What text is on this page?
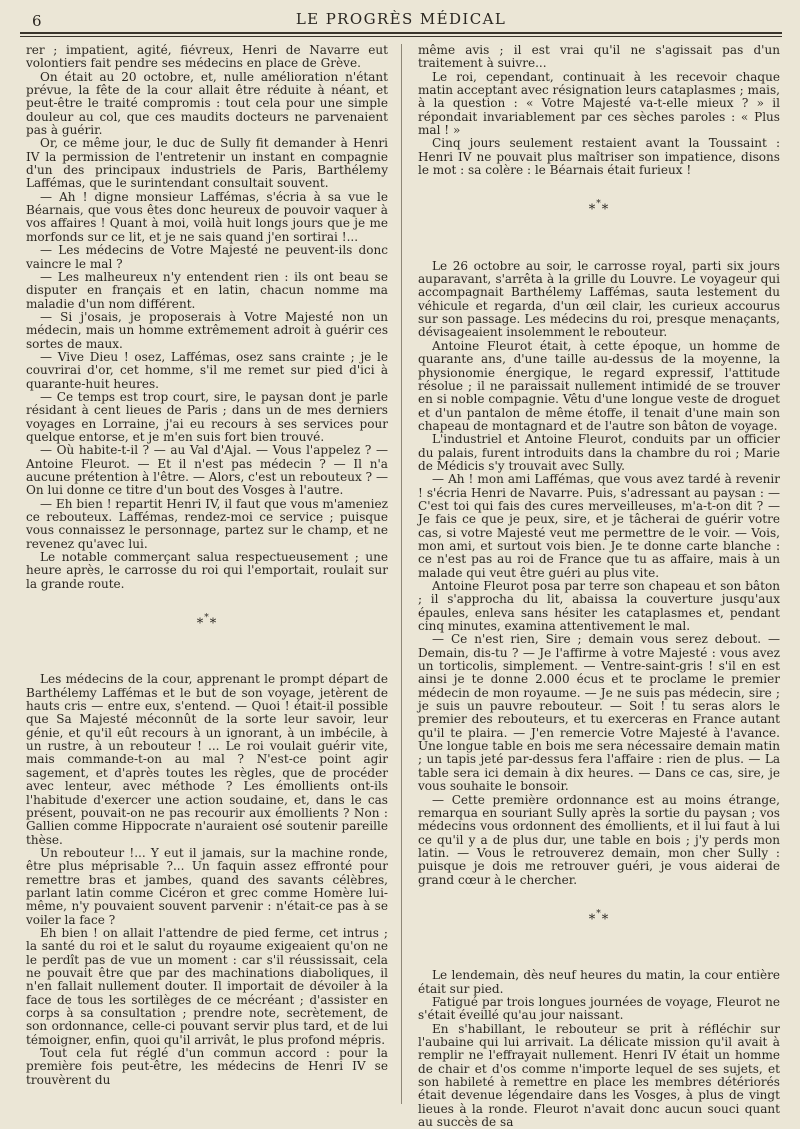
6	LE PROGRÈS MÉDICAL

rer ; impatient, agité, fiévreux, Henri de Navarre eut volontiers fait pendre ses médecins en place de Grève.

On était au 20 octobre, et, nulle amélioration n'étant prévue, la fête de la cour allait être réduite à néant, et peut-être le traité compromis : tout cela pour une simple douleur au col, que ces maudits docteurs ne parvenaient pas à guérir.

Or, ce même jour, le duc de Sully fit demander à Henri IV la permission de l'entretenir un instant en compagnie d'un des principaux industriels de Paris, Barthélemy Laffémas, que le surintendant consultait souvent.

— Ah ! digne monsieur Laffémas, s'écria à sa vue le Béarnais, que vous êtes donc heureux de pouvoir vaquer à vos affaires ! Quant à moi, voilà huit longs jours que je me morfonds sur ce lit, et je ne sais quand j'en sortirai !...

— Les médecins de Votre Majesté ne peuvent-ils donc vaincre le mal ?

— Les malheureux n'y entendent rien : ils ont beau se disputer en français et en latin, chacun nomme ma maladie d'un nom différent.

— Si j'osais, je proposerais à Votre Majesté non un médecin, mais un homme extrêmement adroit à guérir ces sortes de maux.

— Vive Dieu ! osez, Laffémas, osez sans crainte ; je le couvrirai d'or, cet homme, s'il me remet sur pied d'ici à quarante-huit heures.

— Ce temps est trop court, sire, le paysan dont je parle résidant à cent lieues de Paris ; dans un de mes derniers voyages en Lorraine, j'ai eu recours à ses services pour quelque entorse, et je m'en suis fort bien trouvé.

— Où habite-t-il ? — au Val d'Ajal. — Vous l'appelez ? — Antoine Fleurot. — Et il n'est pas médecin ? — Il n'a aucune prétention à l'être. — Alors, c'est un rebouteux ? — On lui donne ce titre d'un bout des Vosges à l'autre.

— Eh bien ! repartit Henri IV, il faut que vous m'ameniez ce rebouteux. Laffémas, rendez-moi ce service ; puisque vous connaissez le personnage, partez sur le champ, et ne revenez qu'avec lui.

Le notable commerçant salua respectueusement ; une heure après, le carrosse du roi qui l'emportait, roulait sur la grande route.

***

Les médecins de la cour, apprenant le prompt départ de Barthélemy Laffémas et le but de son voyage, jetèrent de hauts cris — entre eux, s'entend. — Quoi ! était-il possible que Sa Majesté méconnût de la sorte leur savoir, leur génie, et qu'il eût recours à un ignorant, à un imbécile, à un rustre, à un rebouteur ! ... Le roi voulait guérir vite, mais commande-t-on au mal ? N'est-ce point agir sagement, et d'après toutes les règles, que de procéder avec lenteur, avec méthode ? Les émollients ont-ils l'habitude d'exercer une action soudaine, et, dans le cas présent, pouvait-on ne pas recourir aux émollients ? Non : Gallien comme Hippocrate n'auraient osé soutenir pareille thèse.

Un rebouteur !... Y eut il jamais, sur la machine ronde, être plus méprisable ?... Un faquin assez effronté pour remettre bras et jambes, quand des savants célèbres, parlant latin comme Cicéron et grec comme Homère lui-même, n'y pouvaient souvent parvenir : n'était-ce pas à se voiler la face ?

Eh bien ! on allait l'attendre de pied ferme, cet intrus ; la santé du roi et le salut du royaume exigeaient qu'on ne le perdît pas de vue un moment : car s'il réussissait, cela ne pouvait être que par des machinations diaboliques, il n'en fallait nullement douter. Il importait de dévoiler à la face de tous les sortilèges de ce mécréant ; d'assister en corps à sa consultation ; prendre note, secrètement, de son ordonnance, celle-ci pouvant servir plus tard, et de lui témoigner, enfin, quoi qu'il arrivât, le plus profond mépris.

Tout cela fut réglé d'un commun accord : pour la première fois peut-être, les médecins de Henri IV se trouvèrent du

même avis ; il est vrai qu'il ne s'agissait pas d'un traitement à suivre...

Le roi, cependant, continuait à les recevoir chaque matin acceptant avec résignation leurs cataplasmes ; mais, à la question : « Votre Majesté va-t-elle mieux ? » il répondait invariablement par ces sèches paroles : « Plus mal ! »

Cinq jours seulement restaient avant la Toussaint : Henri IV ne pouvait plus maîtriser son impatience, disons le mot : sa colère : le Béarnais était furieux !

***

Le 26 octobre au soir, le carrosse royal, parti six jours auparavant, s'arrêta à la grille du Louvre. Le voyageur qui accompagnait Barthélemy Laffémas, sauta lestement du véhicule et regarda, d'un œil clair, les curieux accourus sur son passage. Les médecins du roi, presque menaçants, dévisageaient insolemment le rebouteur.

Antoine Fleurot était, à cette époque, un homme de quarante ans, d'une taille au-dessus de la moyenne, la physionomie énergique, le regard expressif, l'attitude résolue ; il ne paraissait nullement intimidé de se trouver en si noble compagnie. Vêtu d'une longue veste de droguet et d'un pantalon de même étoffe, il tenait d'une main son chapeau de montagnard et de l'autre son bâton de voyage.

L'industriel et Antoine Fleurot, conduits par un officier du palais, furent introduits dans la chambre du roi ; Marie de Médicis s'y trouvait avec Sully.

— Ah ! mon ami Laffémas, que vous avez tardé à revenir ! s'écria Henri de Navarre. Puis, s'adressant au paysan : — C'est toi qui fais des cures merveilleuses, m'a-t-on dit ? — Je fais ce que je peux, sire, et je tâcherai de guérir votre cas, si votre Majesté veut me permettre de le voir. — Vois, mon ami, et surtout vois bien. Je te donne carte blanche : ce n'est pas au roi de France que tu as affaire, mais à un malade qui veut être guéri au plus vite.

Antoine Fleurot posa par terre son chapeau et son bâton ; il s'approcha du lit, abaissa la couverture jusqu'aux épaules, enleva sans hésiter les cataplasmes et, pendant cinq minutes, examina attentivement le mal.

— Ce n'est rien, Sire ; demain vous serez debout. — Demain, dis-tu ? — Je l'affirme à votre Majesté : vous avez un torticolis, simplement. — Ventre-saint-gris ! s'il en est ainsi je te donne 2.000 écus et te proclame le premier médecin de mon royaume. — Je ne suis pas médecin, sire ; je suis un pauvre rebouteur. — Soit ! tu seras alors le premier des rebouteurs, et tu exerceras en France autant qu'il te plaira. — J'en remercie Votre Majesté à l'avance. Une longue table en bois me sera nécessaire demain matin ; un tapis jeté par-dessus fera l'affaire : rien de plus. — La table sera ici demain à dix heures. — Dans ce cas, sire, je vous souhaite le bonsoir.

— Cette première ordonnance est au moins étrange, remarqua en souriant Sully après la sortie du paysan ; vos médecins vous ordonnent des émollients, et il lui faut à lui ce qu'il y a de plus dur, une table en bois ; j'y perds mon latin. — Vous le retrouverez demain, mon cher Sully : puisque je dois me retrouver guéri, je vous aiderai de grand cœur à le chercher.

***

Le lendemain, dès neuf heures du matin, la cour entière était sur pied.

Fatigué par trois longues journées de voyage, Fleurot ne s'était éveillé qu'au jour naissant.

En s'habillant, le rebouteur se prit à réfléchir sur l'aubaine qui lui arrivait. La délicate mission qu'il avait à remplir ne l'effrayait nullement. Henri IV était un homme de chair et d'os comme n'importe lequel de ses sujets, et son habileté à remettre en place les membres détériorés était devenue légendaire dans les Vosges, à plus de vingt lieues à la ronde. Fleurot n'avait donc aucun souci quant au succès de sa
